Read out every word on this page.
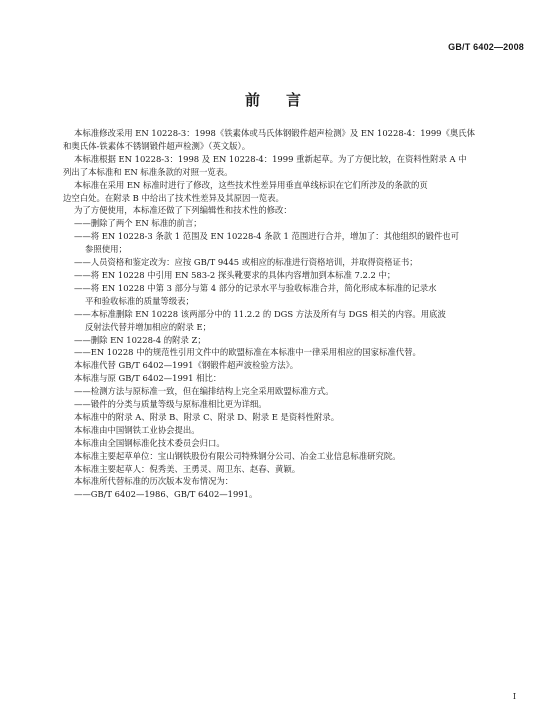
GB/T 6402—2008
前言

本标准修改采用 EN 10228-3：1998《铁素体或马氏体钢锻件超声检测》及 EN 10228-4：1999《奥氏体

和奥氏体-铁素体不锈钢锻件超声检测》（英文版）。

本标准根据 EN 10228-3：1998 及 EN 10228-4：1999 重新起草。为了方便比较，在资料性附录 A 中

列出了本标准和 EN 标准条款的对照一览表。

本标准在采用 EN 标准时进行了修改，这些技术性差异用垂直单线标识在它们所涉及的条款的页

边空白处。在附录 B 中给出了技术性差异及其原因一览表。

为了方便使用，本标准还做了下列编辑性和技术性的修改：

——删除了两个 EN 标准的前言；

——将 EN 10228-3 条款 1 范围及 EN 10228-4 条款 1 范围进行合并，增加了：其他组织的锻件也可

参照使用；

——人员资格和鉴定改为：应按 GB/T 9445 或相应的标准进行资格培训，并取得资格证书；

——将 EN 10228 中引用 EN 583-2 探头靴要求的具体内容增加到本标准 7.2.2 中；

——将 EN 10228 中第 3 部分与第 4 部分的记录水平与验收标准合并，简化形成本标准的记录水

平和验收标准的质量等级表；

——本标准删除 EN 10228 该两部分中的 11.2.2 的 DGS 方法及所有与 DGS 相关的内容。用底波

反射法代替并增加相应的附录 E；

——删除 EN 10228-4 的附录 Z；

——EN 10228 中的规范性引用文件中的欧盟标准在本标准中一律采用相应的国家标准代替。

本标准代替 GB/T 6402—1991《钢锻件超声波检验方法》。

本标准与原 GB/T 6402—1991 相比：

——检测方法与原标准一致，但在编排结构上完全采用欧盟标准方式。

——锻件的分类与质量等级与原标准相比更为详细。

本标准中的附录 A、附录 B、附录 C、附录 D、附录 E 是资料性附录。

本标准由中国钢铁工业协会提出。

本标准由全国钢标准化技术委员会归口。

本标准主要起草单位：宝山钢铁股份有限公司特殊钢分公司、冶金工业信息标准研究院。

本标准主要起草人：倪秀美、王勇灵、周卫东、赵春、黄颖。

本标准所代替标准的历次版本发布情况为：

——GB/T 6402—1986、GB/T 6402—1991。

I
